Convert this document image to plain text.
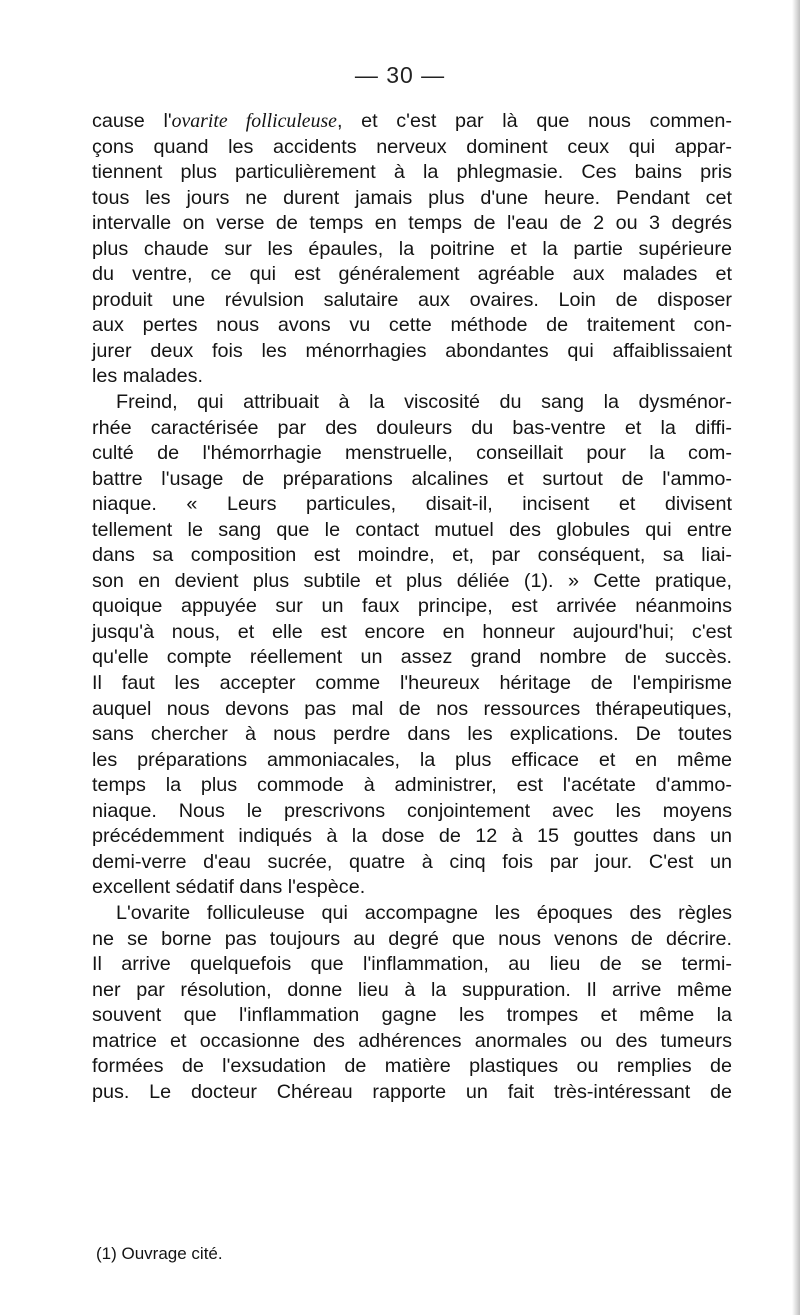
— 30 —
cause l'ovarite folliculeuse, et c'est par là que nous commen-
çons quand les accidents nerveux dominent ceux qui appar-
tiennent plus particulièrement à la phlegmasie. Ces bains pris
tous les jours ne durent jamais plus d'une heure. Pendant cet
intervalle on verse de temps en temps de l'eau de 2 ou 3 degrés
plus chaude sur les épaules, la poitrine et la partie supérieure
du ventre, ce qui est généralement agréable aux malades et
produit une révulsion salutaire aux ovaires. Loin de disposer
aux pertes nous avons vu cette méthode de traitement con-
jurer deux fois les ménorrhagies abondantes qui affaiblissaient
les malades.
Freind, qui attribuait à la viscosité du sang la dysménor-
rhée caractérisée par des douleurs du bas-ventre et la diffi-
culté de l'hémorrhagie menstruelle, conseillait pour la com-
battre l'usage de préparations alcalines et surtout de l'ammo-
niaque. « Leurs particules, disait-il, incisent et divisent
tellement le sang que le contact mutuel des globules qui entre
dans sa composition est moindre, et, par conséquent, sa liai-
son en devient plus subtile et plus déliée (1). » Cette pratique,
quoique appuyée sur un faux principe, est arrivée néanmoins
jusqu'à nous, et elle est encore en honneur aujourd'hui; c'est
qu'elle compte réellement un assez grand nombre de succès.
Il faut les accepter comme l'heureux héritage de l'empirisme
auquel nous devons pas mal de nos ressources thérapeutiques,
sans chercher à nous perdre dans les explications. De toutes
les préparations ammoniacales, la plus efficace et en même
temps la plus commode à administrer, est l'acétate d'ammo-
niaque. Nous le prescrivons conjointement avec les moyens
précédemment indiqués à la dose de 12 à 15 gouttes dans un
demi-verre d'eau sucrée, quatre à cinq fois par jour. C'est un
excellent sédatif dans l'espèce.
L'ovarite folliculeuse qui accompagne les époques des règles
ne se borne pas toujours au degré que nous venons de décrire.
Il arrive quelquefois que l'inflammation, au lieu de se termi-
ner par résolution, donne lieu à la suppuration. Il arrive même
souvent que l'inflammation gagne les trompes et même la
matrice et occasionne des adhérences anormales ou des tumeurs
formées de l'exsudation de matière plastiques ou remplies de
pus. Le docteur Chéreau rapporte un fait très-intéressant de
(1) Ouvrage cité.
